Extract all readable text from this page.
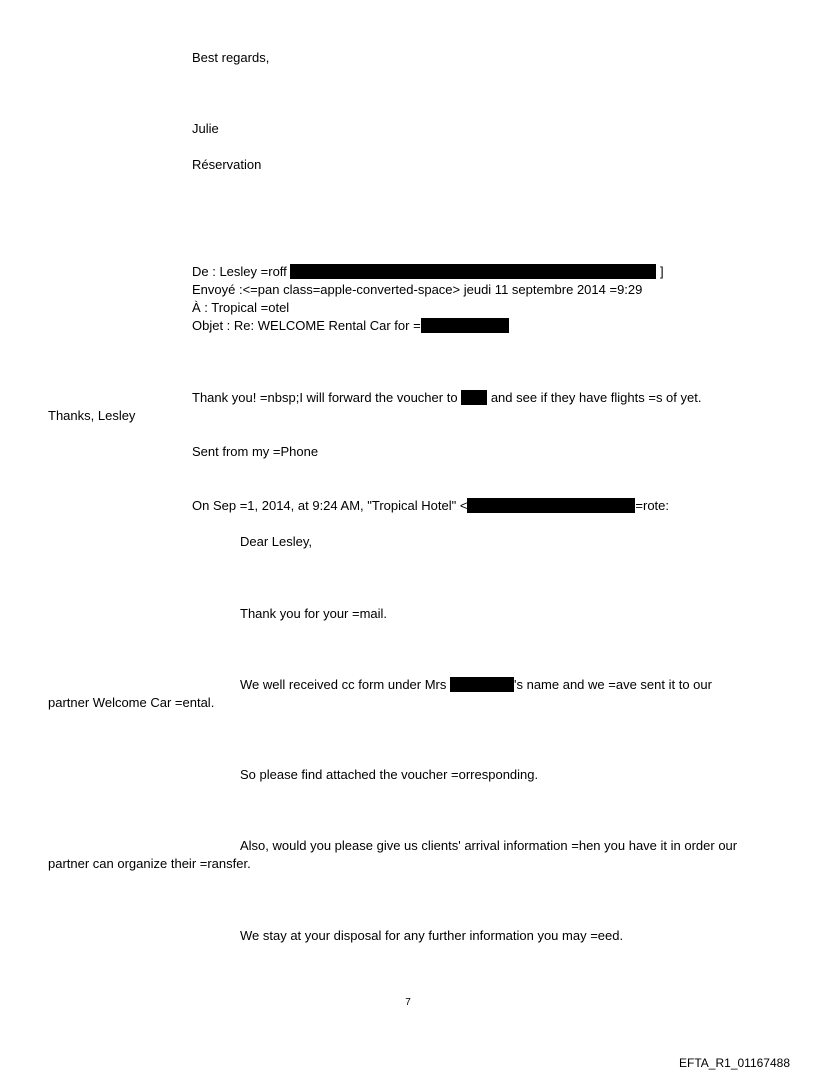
Best regards,
Julie
Réservation
De : Lesley =roff	]
Envoyé :<=pan class=apple-converted-space> jeudi 11 septembre 2014 =9:29
À : Tropical =otel
Objet : Re: WELCOME Rental Car for =
Thank you! =nbsp;I will forward the voucher to	and see if they have flights =s of yet.
Thanks, Lesley
Sent from my =Phone
On Sep =1, 2014, at 9:24 AM, "Tropical Hotel" <	=rote:
Dear Lesley,
Thank you for your =mail.
We well received cc form under Mrs	's name and we =ave sent it to our
partner Welcome Car =ental.
So please find attached the voucher =orresponding.
Also, would you please give us clients' arrival information =hen you have it in order our
partner can organize their =ransfer.
We stay at your disposal for any further information you may =eed.
7
EFTA_R1_01167488
